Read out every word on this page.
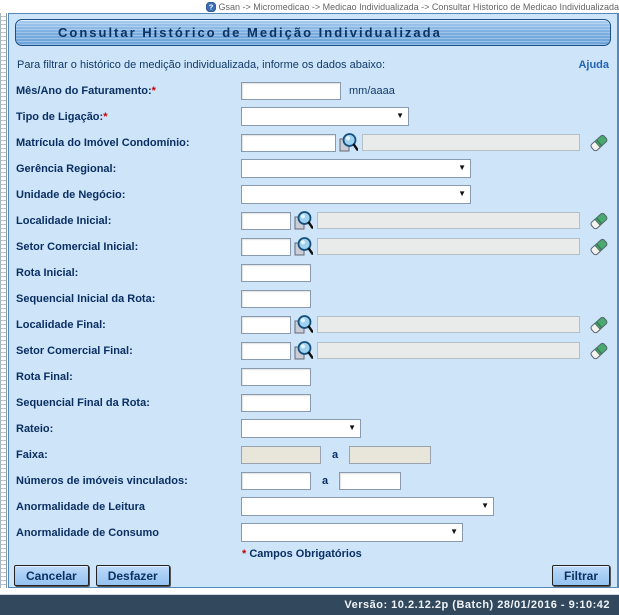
Gsan -> Micromedicao -> Medicao Individualizada -> Consultar Historico de Medicao Individualizada
Consultar Histórico de Medição Individualizada
Para filtrar o histórico de medição individualizada, informe os dados abaixo:	Ajuda
Mês/Ano do Faturamento:*	mm/aaaa
Tipo de Ligação:*
▼
Matrícula do Imóvel Condomínio:
Gerência Regional:
▼
Unidade de Negócio:
▼
Localidade Inicial:
Setor Comercial Inicial:
Rota Inicial:
Sequencial Inicial da Rota:
Localidade Final:
Setor Comercial Final:
Rota Final:
Sequencial Final da Rota:
Rateio:
▼
Faixa:	a
Números de imóveis vinculados:	a
Anormalidade de Leitura
▼
Anormalidade de Consumo
▼
* Campos Obrigatórios
Cancelar	Desfazer	Filtrar
Versão: 10.2.12.2p (Batch) 28/01/2016 - 9:10:42
